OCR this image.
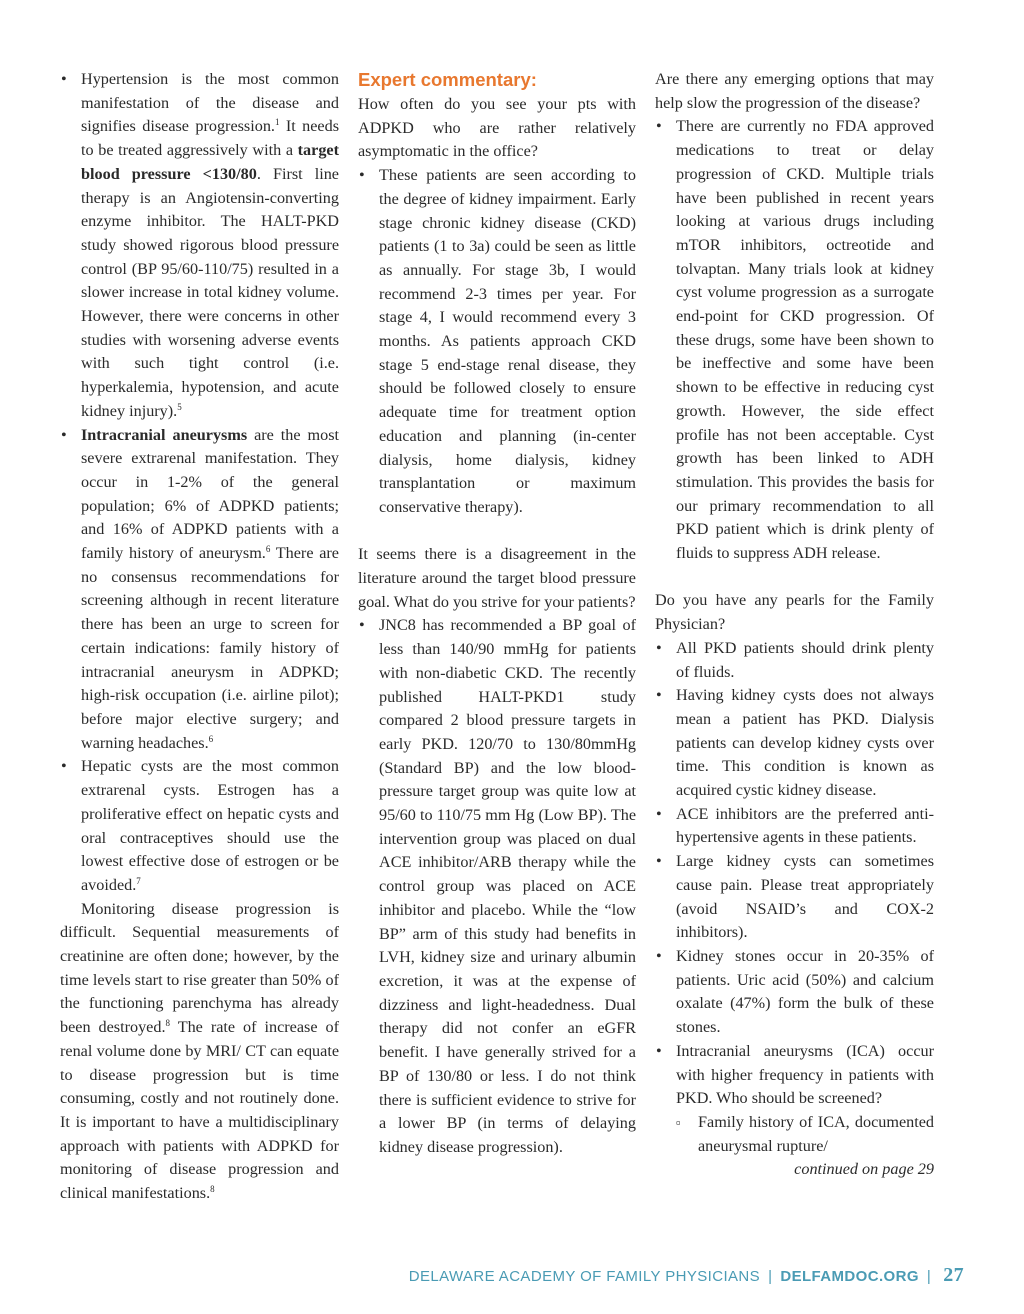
• Hypertension is the most common manifestation of the disease and signifies disease progression.$^1$ It needs to be treated aggressively with a target blood pressure <130/80. First line therapy is an Angiotensin-converting enzyme inhibitor. The HALT-PKD study showed rigorous blood pressure control (BP 95/60-110/75) resulted in a slower increase in total kidney volume. However, there were concerns in other studies with worsening adverse events with such tight control (i.e. hyperkalemia, hypotension, and acute kidney injury).$^5$
• Intracranial aneurysms are the most severe extrarenal manifestation. They occur in 1-2% of the general population; 6% of ADPKD patients; and 16% of ADPKD patients with a family history of aneurysm.$^6$ There are no consensus recommendations for screening although in recent literature there has been an urge to screen for certain indications: family history of intracranial aneurysm in ADPKD; high-risk occupation (i.e. airline pilot); before major elective surgery; and warning headaches.$^6$
• Hepatic cysts are the most common extrarenal cysts. Estrogen has a proliferative effect on hepatic cysts and oral contraceptives should use the lowest effective dose of estrogen or be avoided.$^7$

Monitoring disease progression is difficult. Sequential measurements of creatinine are often done; however, by the time levels start to rise greater than 50% of the functioning parenchyma has already been destroyed.$^8$ The rate of increase of renal volume done by MRI/ CT can equate to disease progression but is time consuming, costly and not routinely done. It is important to have a multidisciplinary approach with patients with ADPKD for monitoring of disease progression and clinical manifestations.$^8$

Expert commentary:

How often do you see your pts with ADPKD who are rather relatively asymptomatic in the office?

• These patients are seen according to the degree of kidney impairment. Early stage chronic kidney disease (CKD) patients (1 to 3a) could be seen as little as annually. For stage 3b, I would recommend 2-3 times per year. For stage 4, I would recommend every 3 months. As patients approach CKD stage 5 end-stage renal disease, they should be followed closely to ensure adequate time for treatment option education and planning (in-center dialysis, home dialysis, kidney transplantation or maximum conservative therapy).

It seems there is a disagreement in the literature around the target blood pressure goal. What do you strive for your patients?

• JNC8 has recommended a BP goal of less than 140/90 mmHg for patients with non-diabetic CKD. The recently published HALT-PKD1 study compared 2 blood pressure targets in early PKD. 120/70 to 130/80mmHg (Standard BP) and the low blood-pressure target group was quite low at 95/60 to 110/75 mm Hg (Low BP). The intervention group was placed on dual ACE inhibitor/ARB therapy while the control group was placed on ACE inhibitor and placebo. While the “low BP” arm of this study had benefits in LVH, kidney size and urinary albumin excretion, it was at the expense of dizziness and light-headedness. Dual therapy did not confer an eGFR benefit. I have generally strived for a BP of 130/80 or less. I do not think there is sufficient evidence to strive for a lower BP (in terms of delaying kidney disease progression).

Are there any emerging options that may help slow the progression of the disease?

• There are currently no FDA approved medications to treat or delay progression of CKD. Multiple trials have been published in recent years looking at various drugs including mTOR inhibitors, octreotide and tolvaptan. Many trials look at kidney cyst volume progression as a surrogate end-point for CKD progression. Of these drugs, some have been shown to be ineffective and some have been shown to be effective in reducing cyst growth. However, the side effect profile has not been acceptable. Cyst growth has been linked to ADH stimulation. This provides the basis for our primary recommendation to all PKD patient which is drink plenty of fluids to suppress ADH release.

Do you have any pearls for the Family Physician?

• All PKD patients should drink plenty of fluids.
• Having kidney cysts does not always mean a patient has PKD. Dialysis patients can develop kidney cysts over time. This condition is known as acquired cystic kidney disease.
• ACE inhibitors are the preferred anti-hypertensive agents in these patients.
• Large kidney cysts can sometimes cause pain. Please treat appropriately (avoid NSAID’s and COX-2 inhibitors).
• Kidney stones occur in 20-35% of patients. Uric acid (50%) and calcium oxalate (47%) form the bulk of these stones.
• Intracranial aneurysms (ICA) occur with higher frequency in patients with PKD. Who should be screened?
▫ Family history of ICA, documented aneurysmal rupture/

continued on page 29

DELAWARE ACADEMY OF FAMILY PHYSICIANS | DELFAMDOC.ORG | 27
